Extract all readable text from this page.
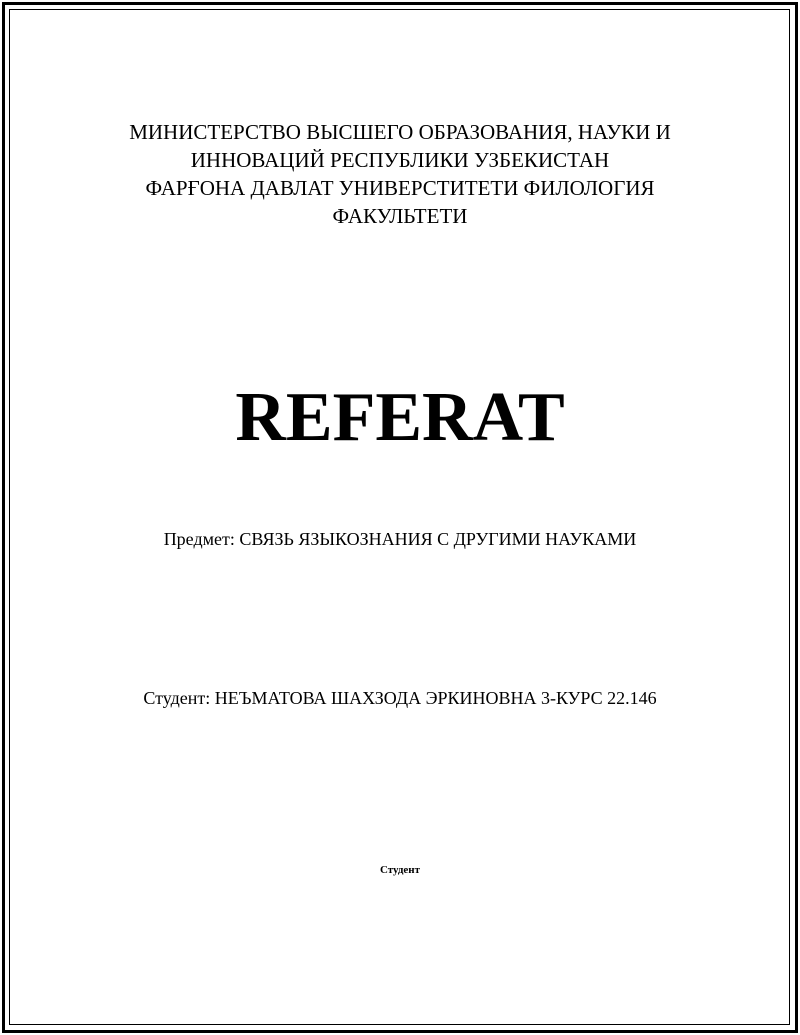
МИНИСТЕРСТВО ВЫСШЕГО ОБРАЗОВАНИЯ, НАУКИ И
ИННОВАЦИЙ РЕСПУБЛИКИ УЗБЕКИСТАН
ФАРҒОНА ДАВЛАТ УНИВЕРСТИТЕТИ ФИЛОЛОГИЯ
ФАКУЛЬТЕТИ
REFERAT
Предмет: СВЯЗЬ ЯЗЫКОЗНАНИЯ С ДРУГИМИ НАУКАМИ
Студент: НЕЪМАТОВА ШАХЗОДА ЭРКИНОВНА 3-КУРС 22.146
Студент
